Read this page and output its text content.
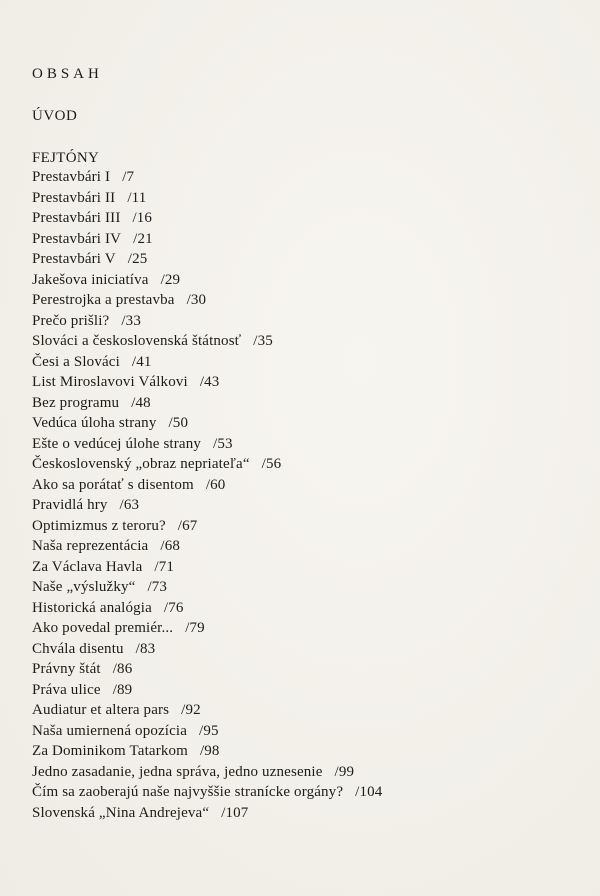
OBSAH
ÚVOD
FEJTÓNY
Prestavbári I /7
Prestavbári II /11
Prestavbári III /16
Prestavbári IV /21
Prestavbári V /25
Jakešova iniciatíva /29
Perestrojka a prestavba /30
Prečo prišli? /33
Slováci a československá štátnosť /35
Česi a Slováci /41
List Miroslavovi Válkovi /43
Bez programu /48
Vedúca úloha strany /50
Ešte o vedúcej úlohe strany /53
Československý „obraz nepriateľa“ /56
Ako sa porátať s disentom /60
Pravidlá hry /63
Optimizmus z teroru? /67
Naša reprezentácia /68
Za Václava Havla /71
Naše „výslužky“ /73
Historická analógia /76
Ako povedal premiér... /79
Chvála disentu /83
Právny štát /86
Práva ulice /89
Audiatur et altera pars /92
Naša umiernená opozícia /95
Za Dominikom Tatarkom /98
Jedno zasadanie, jedna správa, jedno uznesenie /99
Čím sa zaoberajú naše najvyššie stranícke orgány? /104
Slovenská „Nina Andrejeva“ /107
